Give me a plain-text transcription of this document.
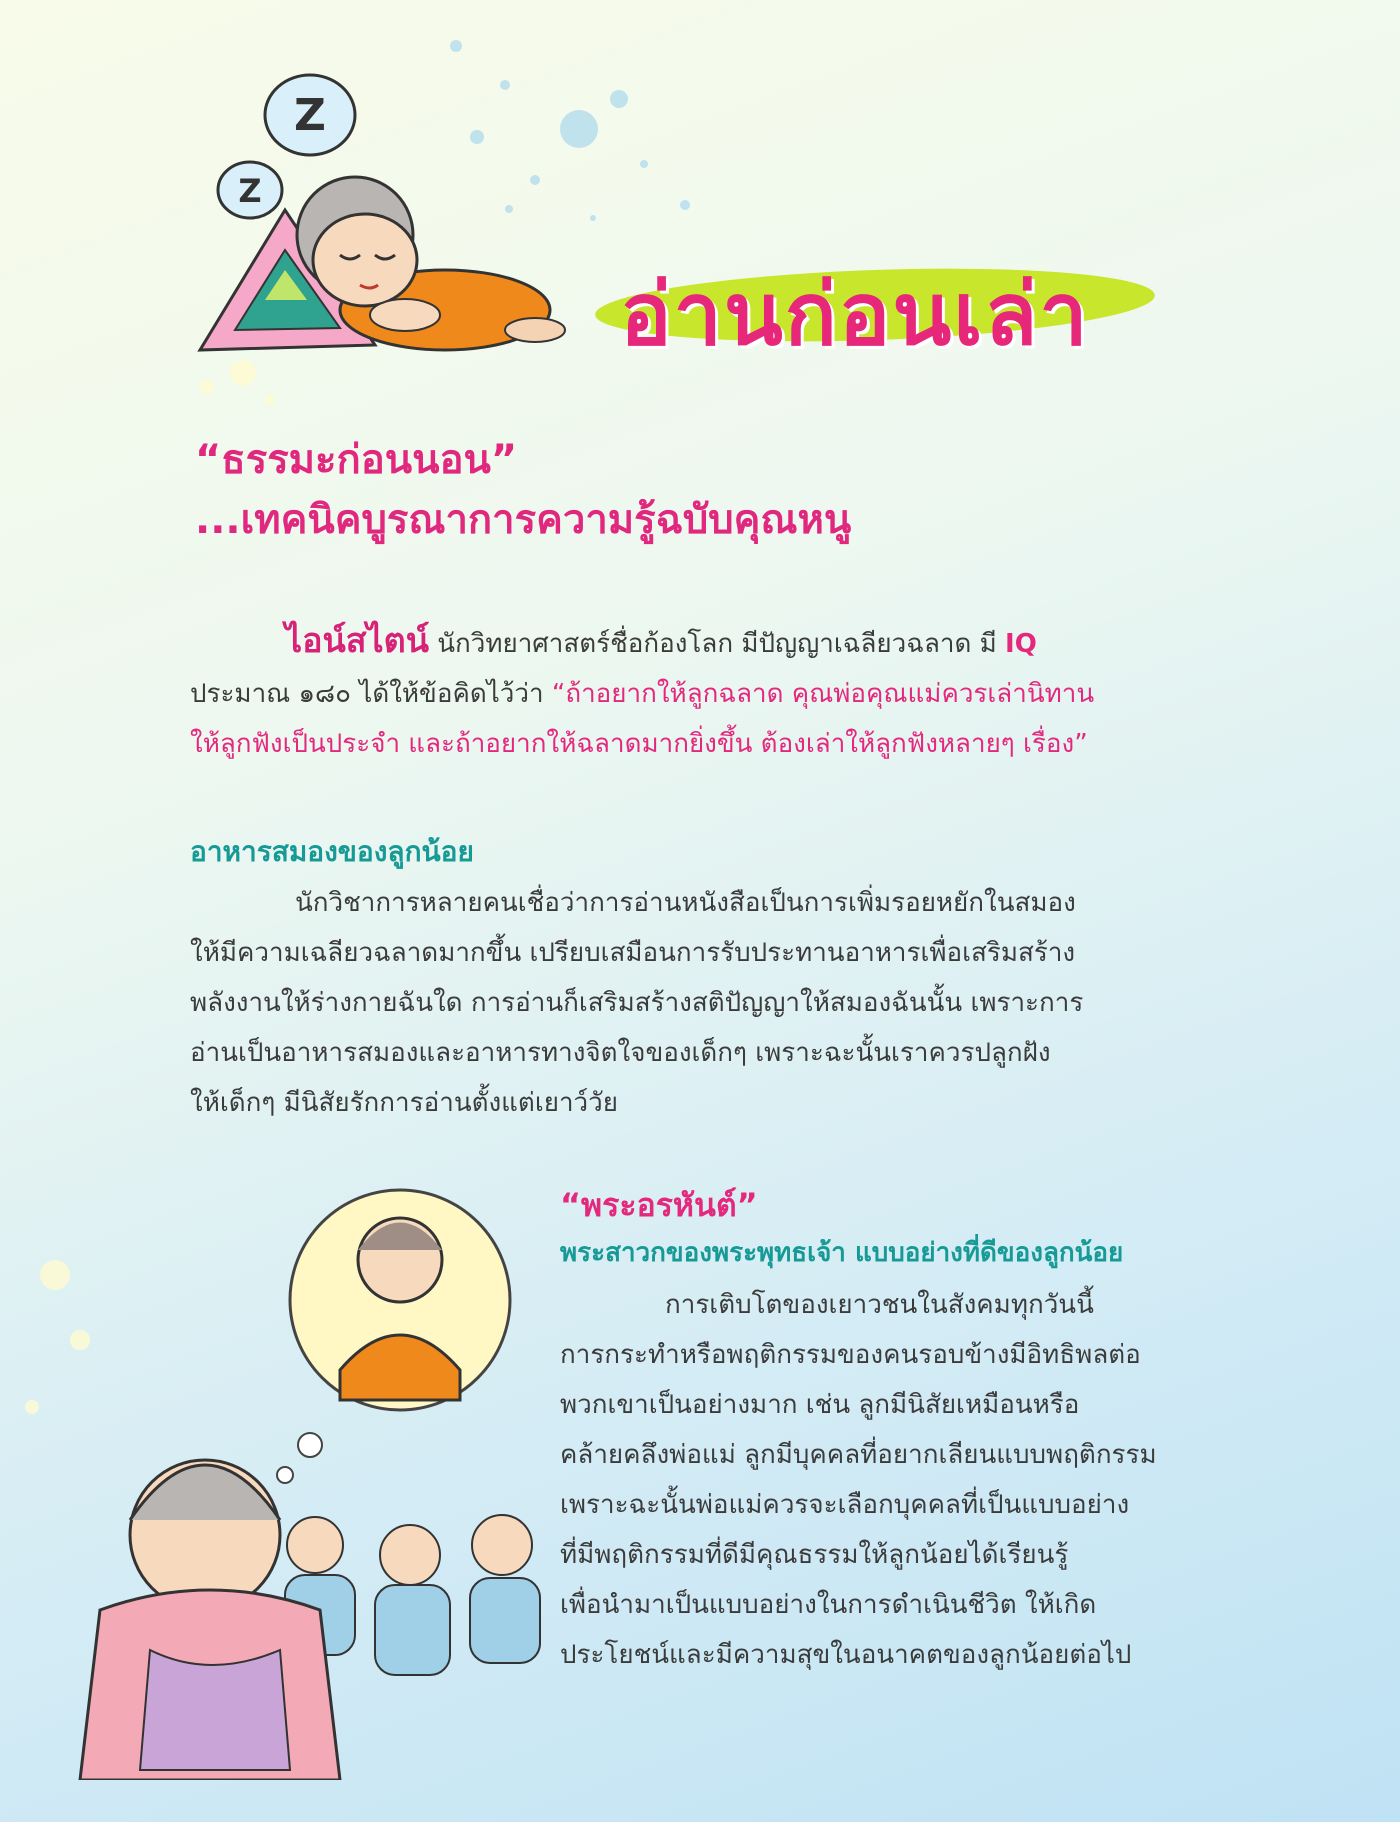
Z
Z
อ่านก่อนเล่า
“ธรรมะก่อนนอน”
...เทคนิคบูรณาการความรู้ฉบับคุณหนู
ไอน์สไตน์ นักวิทยาศาสตร์ชื่อก้องโลก มีปัญญาเฉลียวฉลาด มี IQ
ประมาณ ๑๘๐ ได้ให้ข้อคิดไว้ว่า “ถ้าอยากให้ลูกฉลาด คุณพ่อคุณแม่ควรเล่านิทาน
ให้ลูกฟังเป็นประจำ และถ้าอยากให้ฉลาดมากยิ่งขึ้น ต้องเล่าให้ลูกฟังหลายๆ เรื่อง”
อาหารสมองของลูกน้อย
นักวิชาการหลายคนเชื่อว่าการอ่านหนังสือเป็นการเพิ่มรอยหยักในสมอง
ให้มีความเฉลียวฉลาดมากขึ้น เปรียบเสมือนการรับประทานอาหารเพื่อเสริมสร้าง
พลังงานให้ร่างกายฉันใด การอ่านก็เสริมสร้างสติปัญญาให้สมองฉันนั้น เพราะการ
อ่านเป็นอาหารสมองและอาหารทางจิตใจของเด็กๆ เพราะฉะนั้นเราควรปลูกฝัง
ให้เด็กๆ มีนิสัยรักการอ่านตั้งแต่เยาว์วัย
“พระอรหันต์”
พระสาวกของพระพุทธเจ้า แบบอย่างที่ดีของลูกน้อย
การเติบโตของเยาวชนในสังคมทุกวันนี้
การกระทำหรือพฤติกรรมของคนรอบข้างมีอิทธิพลต่อ
พวกเขาเป็นอย่างมาก เช่น ลูกมีนิสัยเหมือนหรือ
คล้ายคลึงพ่อแม่ ลูกมีบุคคลที่อยากเลียนแบบพฤติกรรม
เพราะฉะนั้นพ่อแม่ควรจะเลือกบุคคลที่เป็นแบบอย่าง
ที่มีพฤติกรรมที่ดีมีคุณธรรมให้ลูกน้อยได้เรียนรู้
เพื่อนำมาเป็นแบบอย่างในการดำเนินชีวิต ให้เกิด
ประโยชน์และมีความสุขในอนาคตของลูกน้อยต่อไป
